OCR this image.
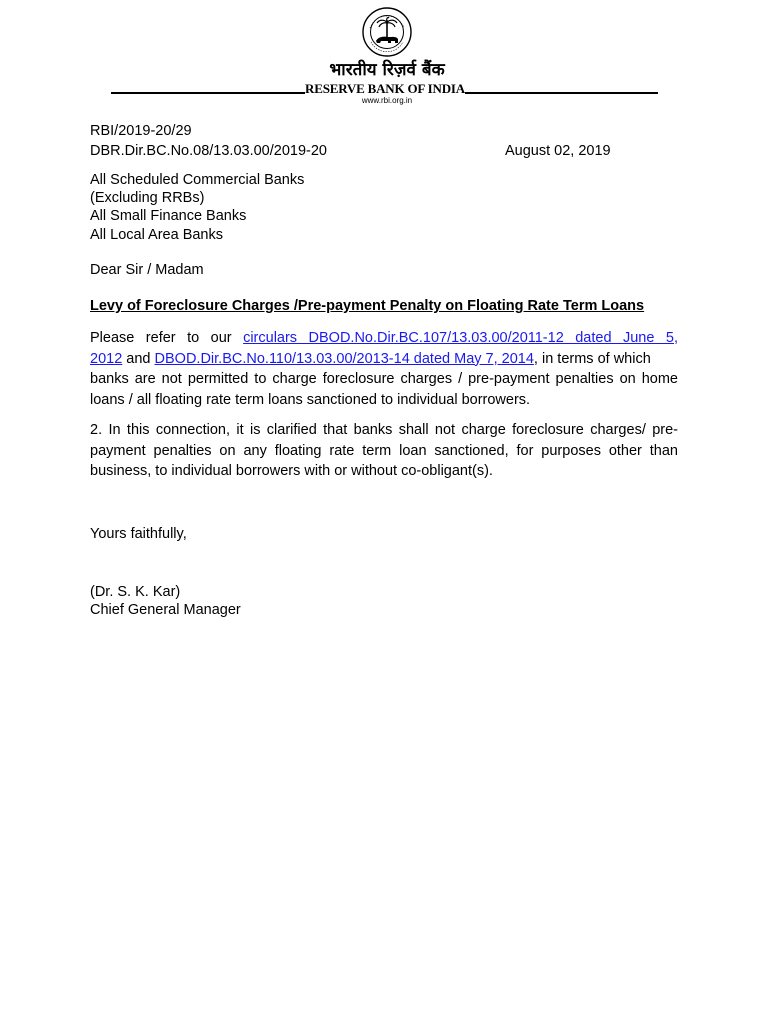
भारतीय रिज़र्व बैंक
RESERVE BANK OF INDIA
www.rbi.org.in
RBI/2019-20/29
DBR.Dir.BC.No.08/13.03.00/2019-20	August 02, 2019
All Scheduled Commercial Banks
(Excluding RRBs)
All Small Finance Banks
All Local Area Banks
Dear Sir / Madam
Levy of Foreclosure Charges /Pre-payment Penalty on Floating Rate Term Loans
Please refer to our circulars DBOD.No.Dir.BC.107/13.03.00/2011-12 dated June 5,
2012 and DBOD.Dir.BC.No.110/13.03.00/2013-14 dated May 7, 2014, in terms of which
banks are not permitted to charge foreclosure charges / pre-payment penalties on home
loans / all floating rate term loans sanctioned to individual borrowers.
2. In this connection, it is clarified that banks shall not charge foreclosure charges/ pre-
payment penalties on any floating rate term loan sanctioned, for purposes other than
business, to individual borrowers with or without co-obligant(s).
Yours faithfully,
(Dr. S. K. Kar)
Chief General Manager
